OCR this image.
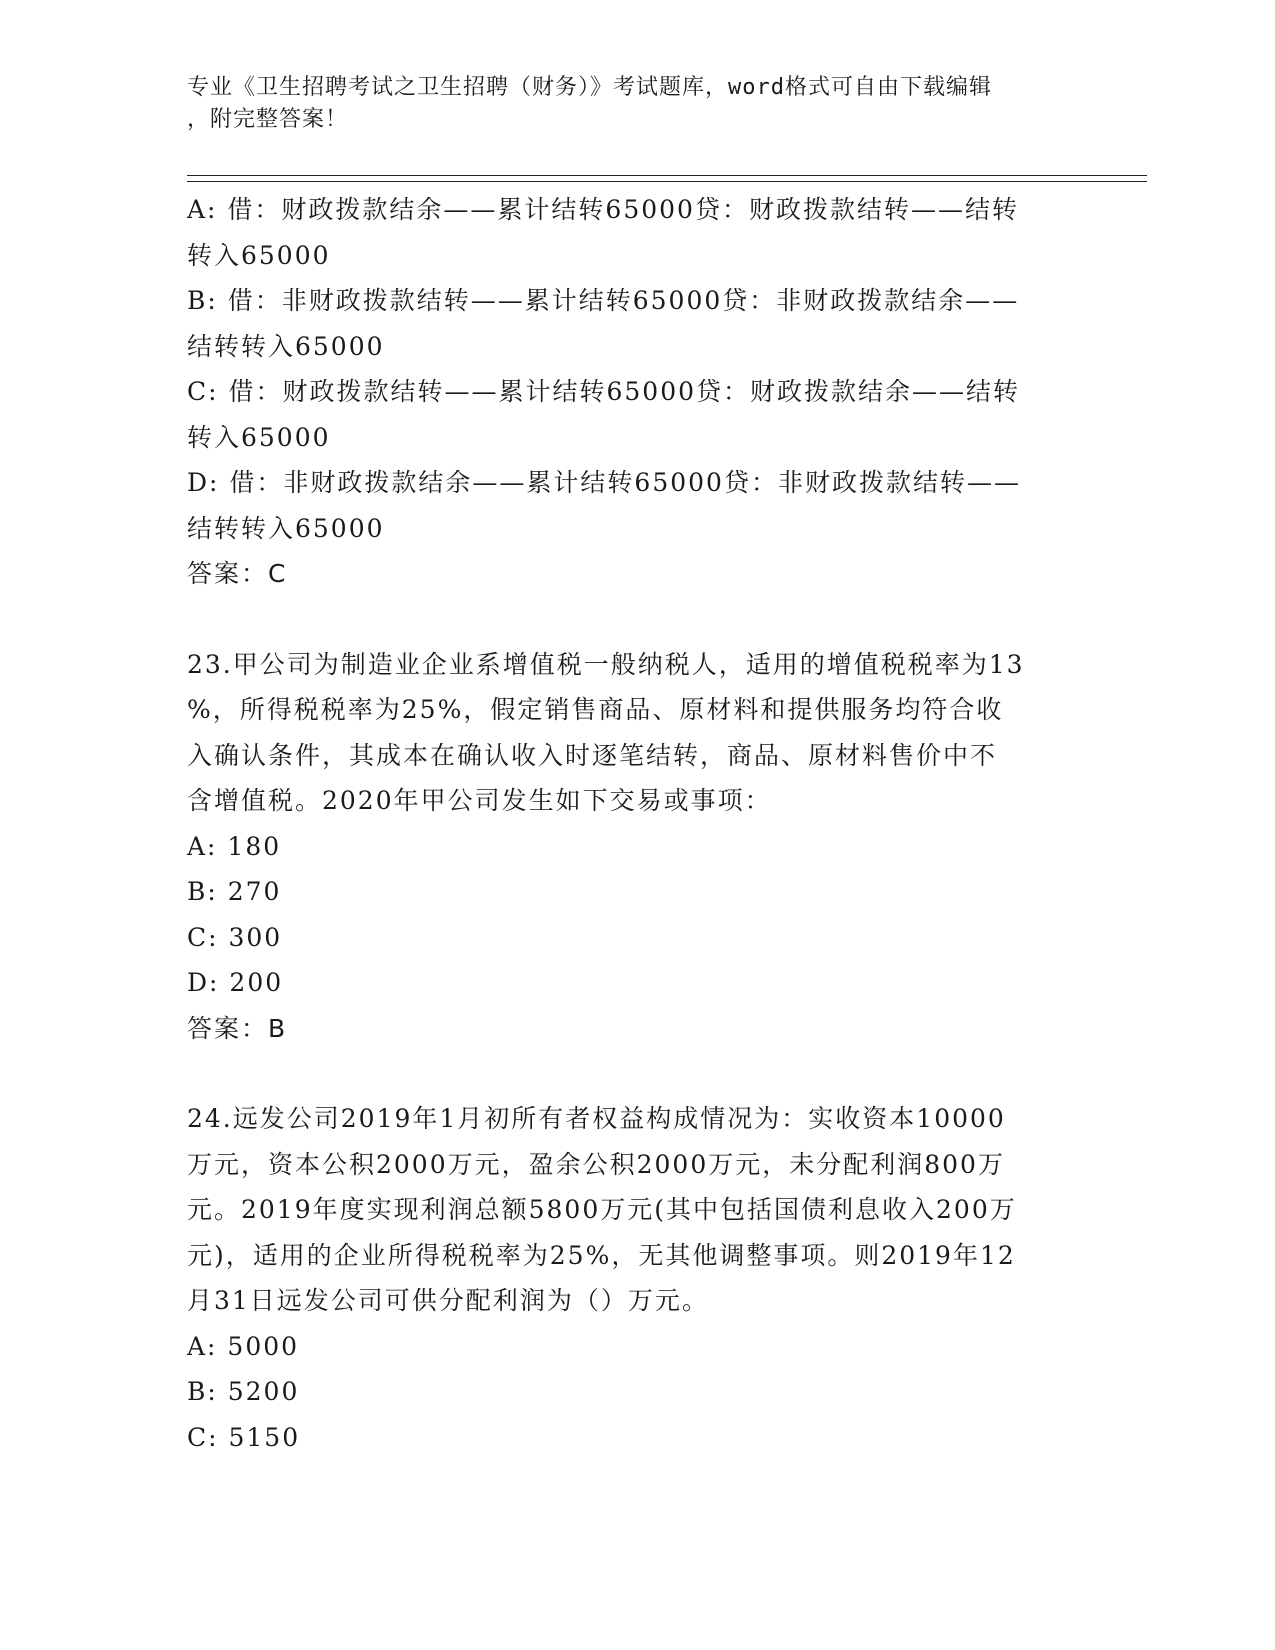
专业《卫生招聘考试之卫生招聘（财务）》考试题库，word格式可自由下载编辑
，附完整答案！
A: 借：财政拨款结余——累计结转65000贷：财政拨款结转——结转
转入65000
B: 借：非财政拨款结转——累计结转65000贷：非财政拨款结余——
结转转入65000
C: 借：财政拨款结转——累计结转65000贷：财政拨款结余——结转
转入65000
D: 借：非财政拨款结余——累计结转65000贷：非财政拨款结转——
结转转入65000
答案：C
23.甲公司为制造业企业系增值税一般纳税人，适用的增值税税率为13
%，所得税税率为25%，假定销售商品、原材料和提供服务均符合收
入确认条件，其成本在确认收入时逐笔结转，商品、原材料售价中不
含增值税。2020年甲公司发生如下交易或事项：
A: 180
B: 270
C: 300
D: 200
答案：B
24.远发公司2019年1月初所有者权益构成情况为：实收资本10000
万元，资本公积2000万元，盈余公积2000万元，未分配利润800万
元。2019年度实现利润总额5800万元(其中包括国债利息收入200万
元)，适用的企业所得税税率为25%，无其他调整事项。则2019年12
月31日远发公司可供分配利润为（）万元。
A: 5000
B: 5200
C: 5150
